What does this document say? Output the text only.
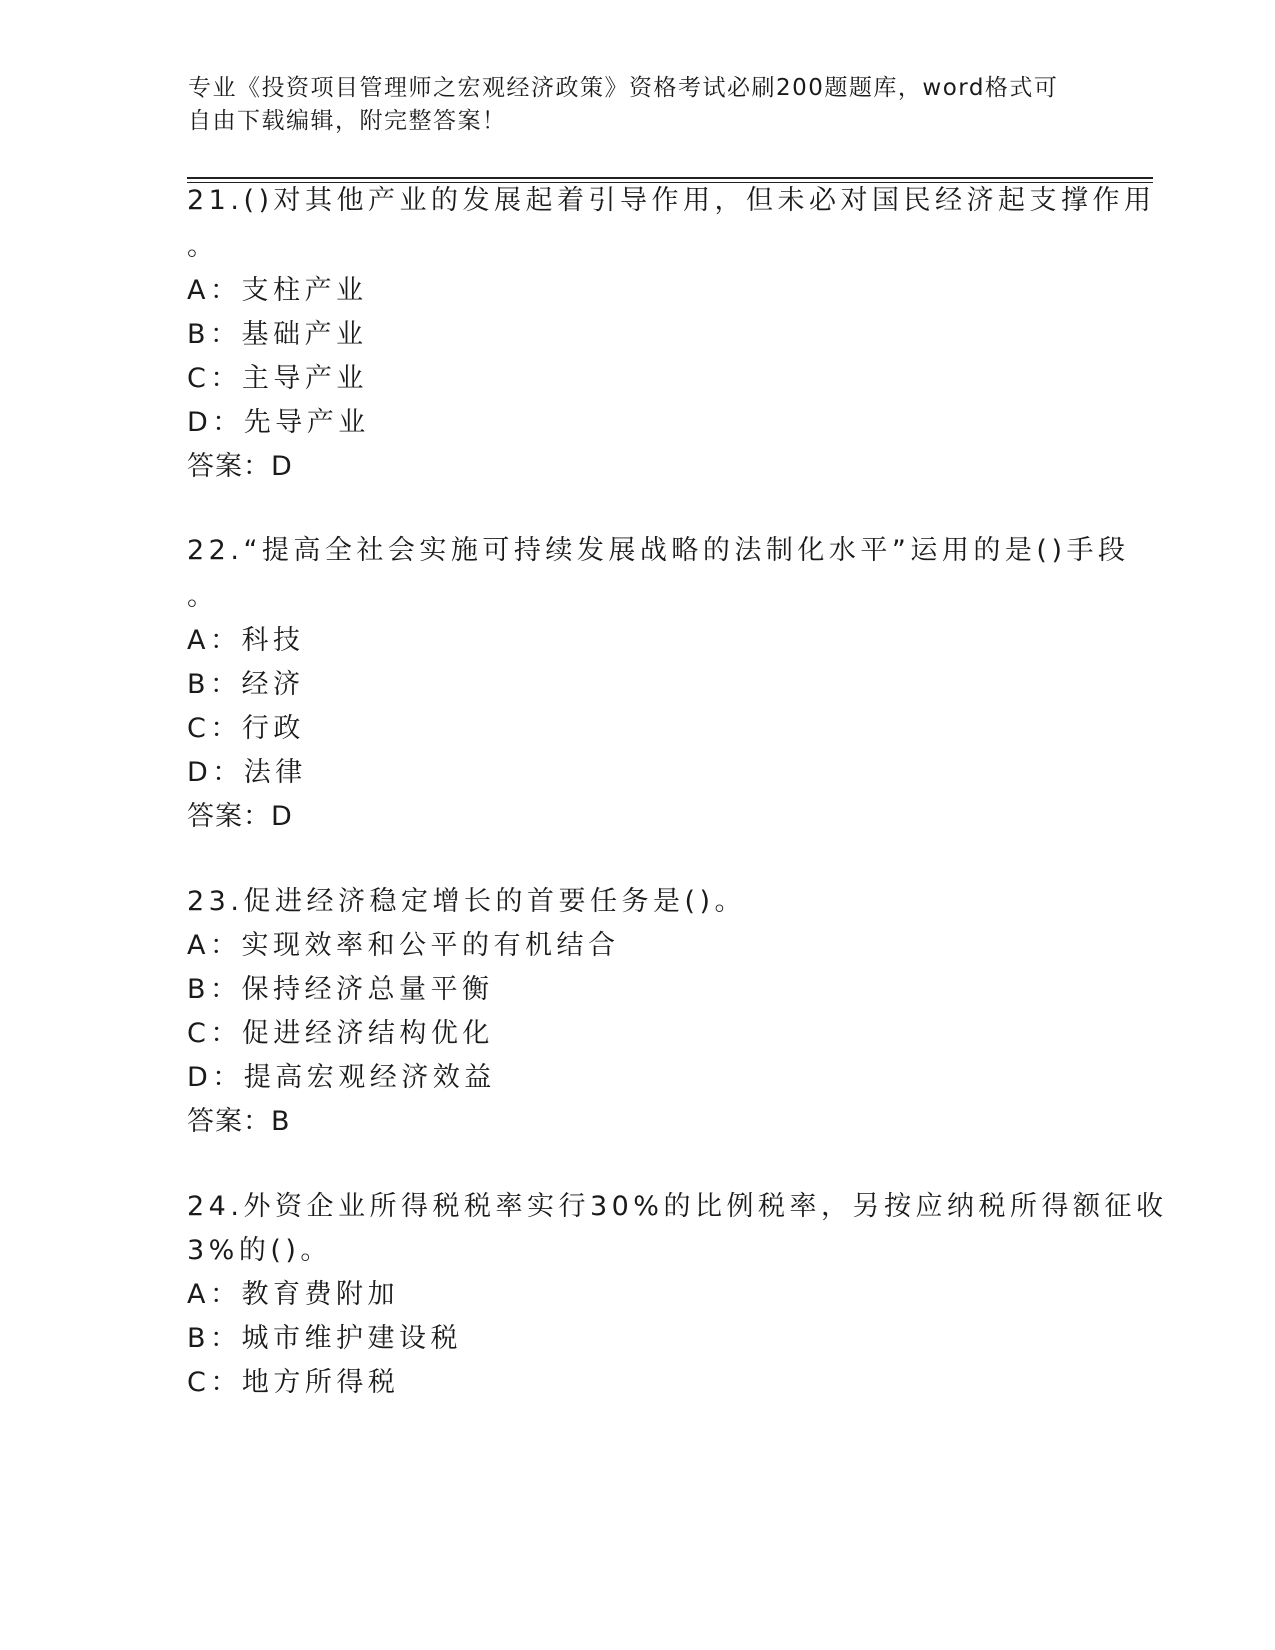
专业《投资项目管理师之宏观经济政策》资格考试必刷200题题库，word格式可
自由下载编辑，附完整答案！
21.()对其他产业的发展起着引导作用，但未必对国民经济起支撑作用
。
A：支柱产业
B：基础产业
C：主导产业
D：先导产业
答案：D
22.“提高全社会实施可持续发展战略的法制化水平”运用的是()手段
。
A：科技
B：经济
C：行政
D：法律
答案：D
23.促进经济稳定增长的首要任务是()。
A：实现效率和公平的有机结合
B：保持经济总量平衡
C：促进经济结构优化
D：提高宏观经济效益
答案：B
24.外资企业所得税税率实行30%的比例税率，另按应纳税所得额征收
3%的()。
A：教育费附加
B：城市维护建设税
C：地方所得税
